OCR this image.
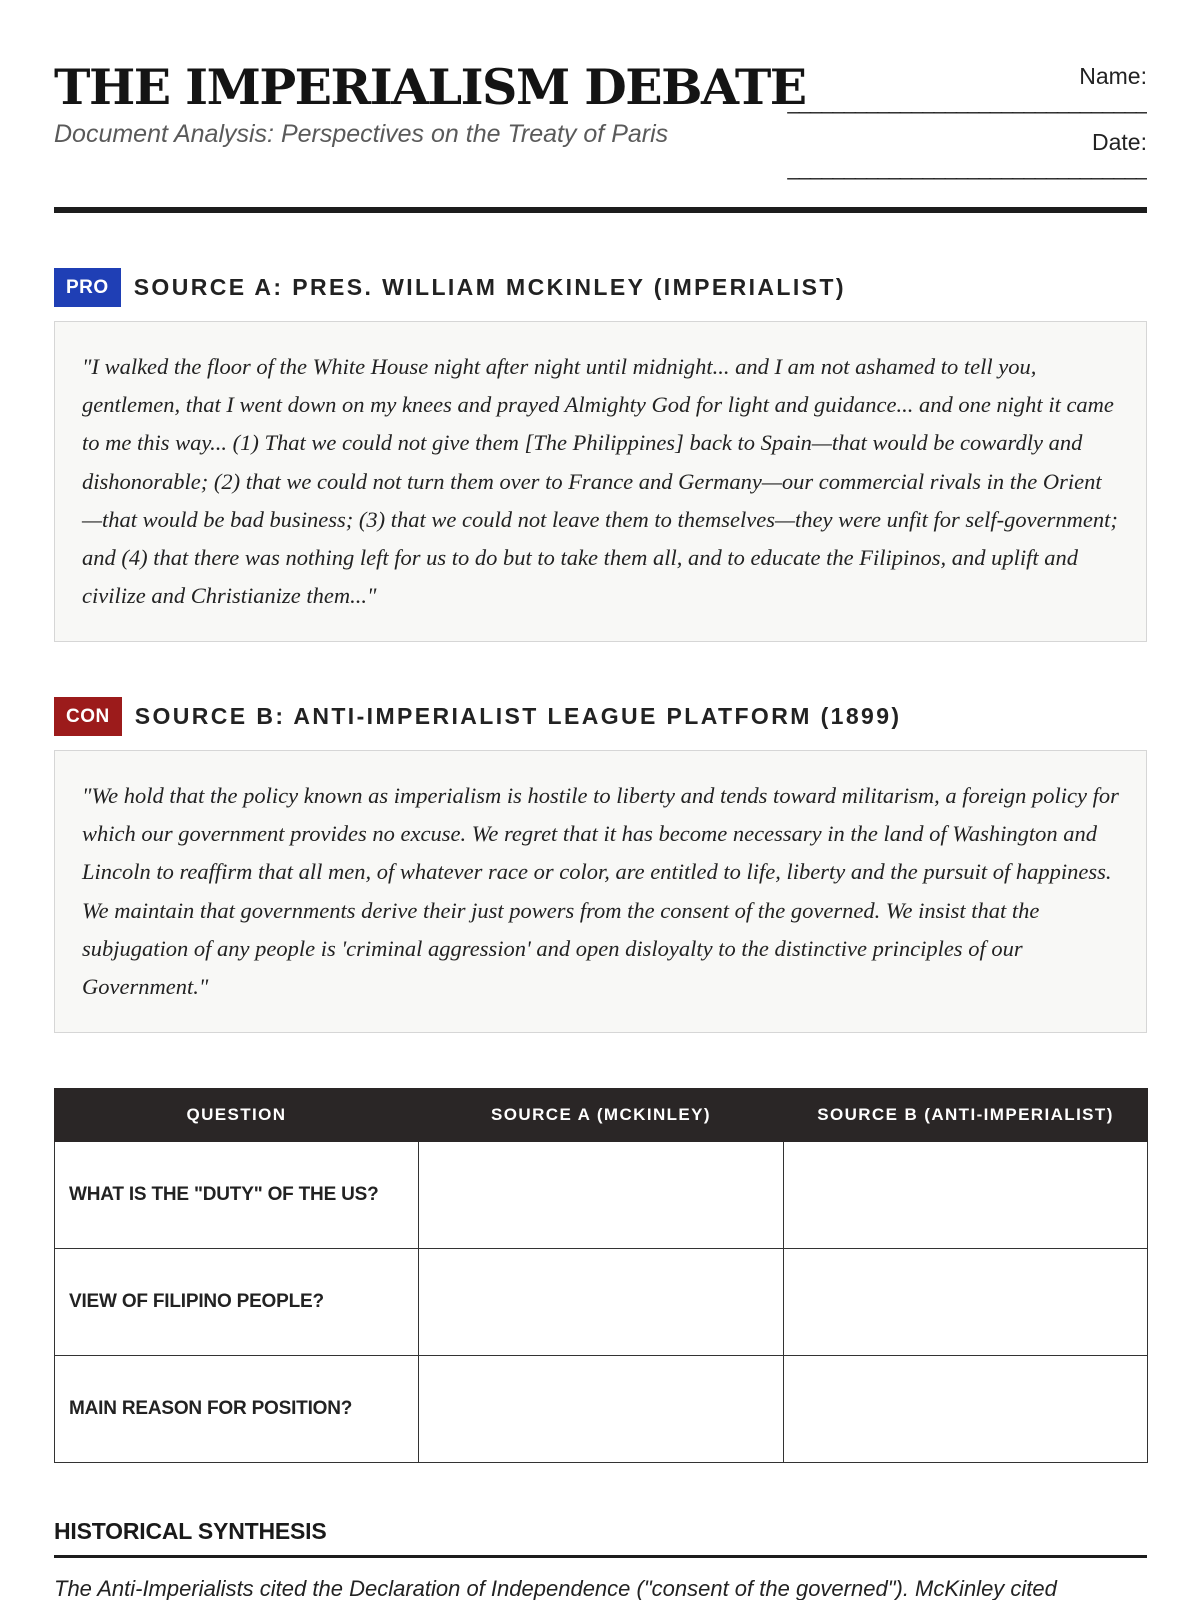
THE IMPERIALISM DEBATE
Document Analysis: Perspectives on the Treaty of Paris
Name:
________________________________
Date:
________________________________
PRO	SOURCE A: PRES. WILLIAM MCKINLEY (IMPERIALIST)

"I walked the floor of the White House night after night until midnight... and I am not ashamed to tell you, gentlemen, that I went down on my knees and prayed Almighty God for light and guidance... and one night it came to me this way... (1) That we could not give them [The Philippines] back to Spain—that would be cowardly and dishonorable; (2) that we could not turn them over to France and Germany—our commercial rivals in the Orient—that would be bad business; (3) that we could not leave them to themselves—they were unfit for self-government; and (4) that there was nothing left for us to do but to take them all, and to educate the Filipinos, and uplift and civilize and Christianize them..."

CON	SOURCE B: ANTI-IMPERIALIST LEAGUE PLATFORM (1899)

"We hold that the policy known as imperialism is hostile to liberty and tends toward militarism, a foreign policy for which our government provides no excuse. We regret that it has become necessary in the land of Washington and Lincoln to reaffirm that all men, of whatever race or color, are entitled to life, liberty and the pursuit of happiness. We maintain that governments derive their just powers from the consent of the governed. We insist that the subjugation of any people is 'criminal aggression' and open disloyalty to the distinctive principles of our Government."

QUESTION	SOURCE A (MCKINLEY)	SOURCE B (ANTI-IMPERIALIST)
WHAT IS THE "DUTY" OF THE US?		
VIEW OF FILIPINO PEOPLE?		
MAIN REASON FOR POSITION?		
HISTORICAL SYNTHESIS
The Anti-Imperialists cited the Declaration of Independence ("consent of the governed"). McKinley cited
